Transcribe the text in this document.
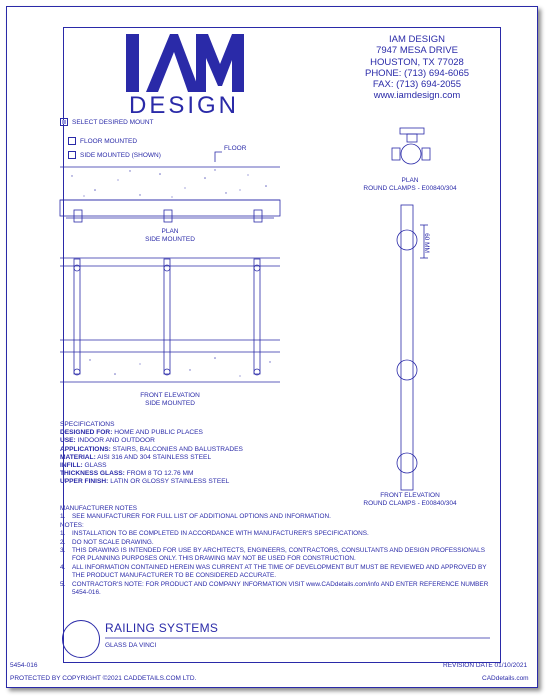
DESIGN
IAM DESIGN
7947 MESA DRIVE
HOUSTON, TX 77028
PHONE: (713) 694-6065
FAX: (713) 694-2055
www.iamdesign.com
SELECT DESIRED MOUNT
FLOOR MOUNTED
SIDE MOUNTED (SHOWN)
FLOOR
PLAN
SIDE MOUNTED
PLAN
ROUND CLAMPS - E00840/304
60 MM
FRONT ELEVATION
SIDE MOUNTED
FRONT ELEVATION
ROUND CLAMPS - E00840/304
SPECIFICATIONS
DESIGNED FOR: HOME AND PUBLIC PLACES
USE: INDOOR AND OUTDOOR
APPLICATIONS: STAIRS, BALCONIES AND BALUSTRADES
MATERIAL: AISI 316 AND 304 STAINLESS STEEL
INFILL: GLASS
THICKNESS GLASS: FROM 8 TO 12.76 MM
UPPER FINISH: LATIN OR GLOSSY STAINLESS STEEL
MANUFACTURER NOTES
1.	SEE MANUFACTURER FOR FULL LIST OF ADDITIONAL OPTIONS AND INFORMATION.
NOTES:
1.	INSTALLATION TO BE COMPLETED IN ACCORDANCE WITH MANUFACTURER'S SPECIFICATIONS.
2.	DO NOT SCALE DRAWING.
3.	THIS DRAWING IS INTENDED FOR USE BY ARCHITECTS, ENGINEERS, CONTRACTORS, CONSULTANTS AND DESIGN PROFESSIONALS FOR PLANNING PURPOSES ONLY. THIS DRAWING MAY NOT BE USED FOR CONSTRUCTION.
4.	ALL INFORMATION CONTAINED HEREIN WAS CURRENT AT THE TIME OF DEVELOPMENT BUT MUST BE REVIEWED AND APPROVED BY THE PRODUCT MANUFACTURER TO BE CONSIDERED ACCURATE.
5.	CONTRACTOR'S NOTE: FOR PRODUCT AND COMPANY INFORMATION VISIT www.CADdetails.com/info AND ENTER REFERENCE NUMBER 5454-016.
RAILING SYSTEMS
GLASS DA VINCI
5454-016	REVISION DATE 01/10/2021
PROTECTED BY COPYRIGHT ©2021 CADDETAILS.COM LTD.	CADdetails.com
